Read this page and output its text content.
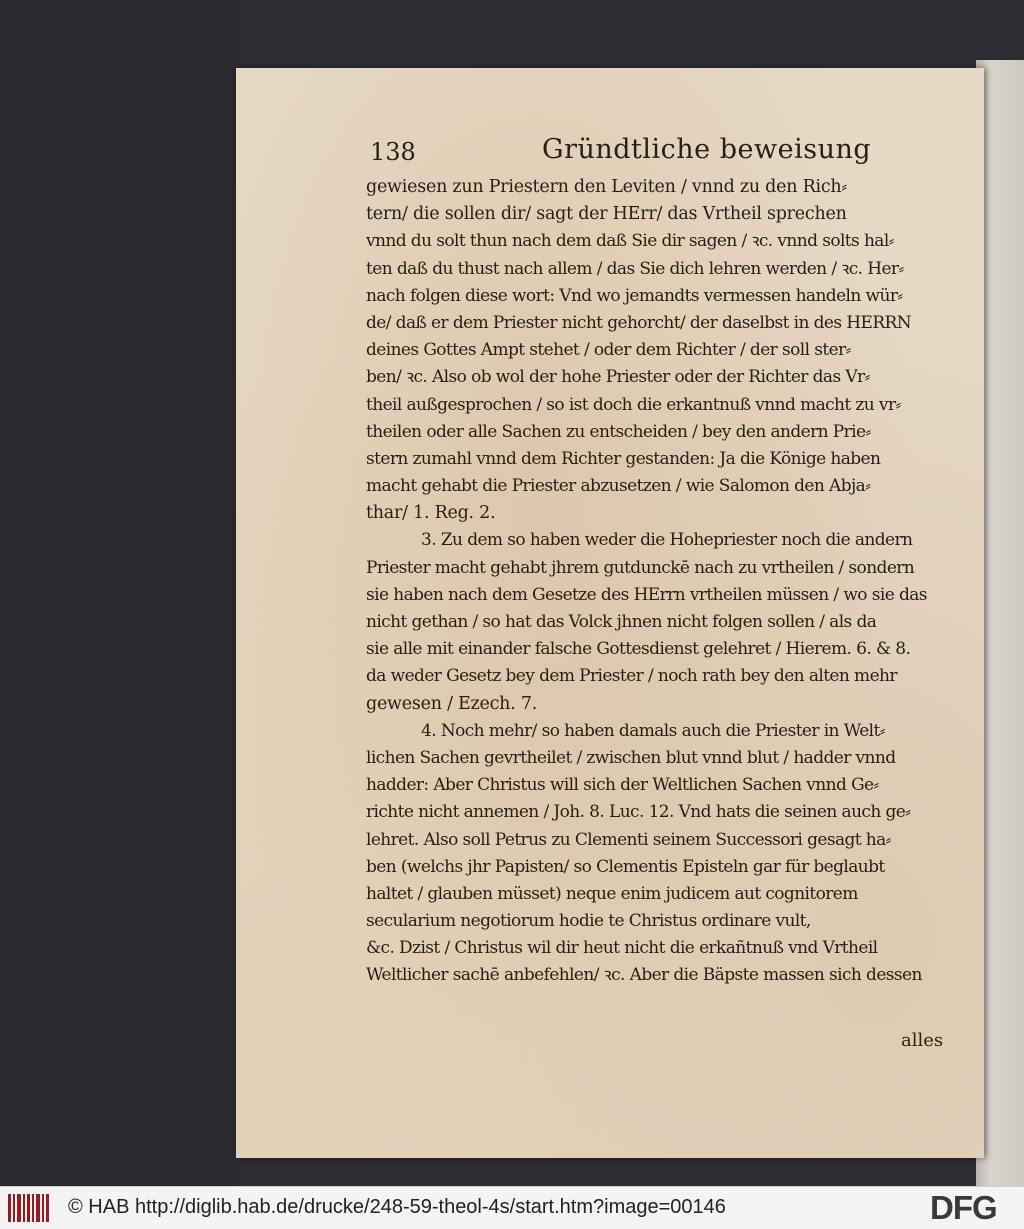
138	Gründtliche beweisung
gewiesen zun Priestern den Leviten / vnnd zu den Rich⸗
tern/ die sollen dir/ sagt der HErr/ das Vrtheil sprechen
vnnd du solt thun nach dem daß Sie dir sagen / ꝛc. vnnd solts hal⸗
ten daß du thust nach allem / das Sie dich lehren werden / ꝛc. Her⸗
nach folgen diese wort: Vnd wo jemandts vermessen handeln wür⸗
de/ daß er dem Priester nicht gehorcht/ der daselbst in des HERRN
deines Gottes Ampt stehet / oder dem Richter / der soll ster⸗
ben/ ꝛc. Also ob wol der hohe Priester oder der Richter das Vr⸗
theil außgesprochen / so ist doch die erkantnuß vnnd macht zu vr⸗
theilen oder alle Sachen zu entscheiden / bey den andern Prie⸗
stern zumahl vnnd dem Richter gestanden: Ja die Könige haben
macht gehabt die Priester abzusetzen / wie Salomon den Abja⸗
thar/ 1. Reg. 2.
3. Zu dem so haben weder die Hohepriester noch die andern
Priester macht gehabt jhrem gutdunckē nach zu vrtheilen / sondern
sie haben nach dem Gesetze des HErrn vrtheilen müssen / wo sie das
nicht gethan / so hat das Volck jhnen nicht folgen sollen / als da
sie alle mit einander falsche Gottesdienst gelehret / Hierem. 6. & 8.
da weder Gesetz bey dem Priester / noch rath bey den alten mehr
gewesen / Ezech. 7.
4. Noch mehr/ so haben damals auch die Priester in Welt⸗
lichen Sachen gevrtheilet / zwischen blut vnnd blut / hadder vnnd
hadder: Aber Christus will sich der Weltlichen Sachen vnnd Ge⸗
richte nicht annemen / Joh. 8. Luc. 12. Vnd hats die seinen auch ge⸗
lehret. Also soll Petrus zu Clementi seinem Successori gesagt ha⸗
ben (welchs jhr Papisten/ so Clementis Episteln gar für beglaubt
haltet / glauben müsset) neque enim judicem aut cognitorem
secularium negotiorum hodie te Christus ordinare vult,
&c. Dzist / Christus wil dir heut nicht die erkañtnuß vnd Vrtheil
Weltlicher sachē anbefehlen/ ꝛc. Aber die Bäpste massen sich dessen
alles
© HAB http://diglib.hab.de/drucke/248-59-theol-4s/start.htm?image=00146	DFG
